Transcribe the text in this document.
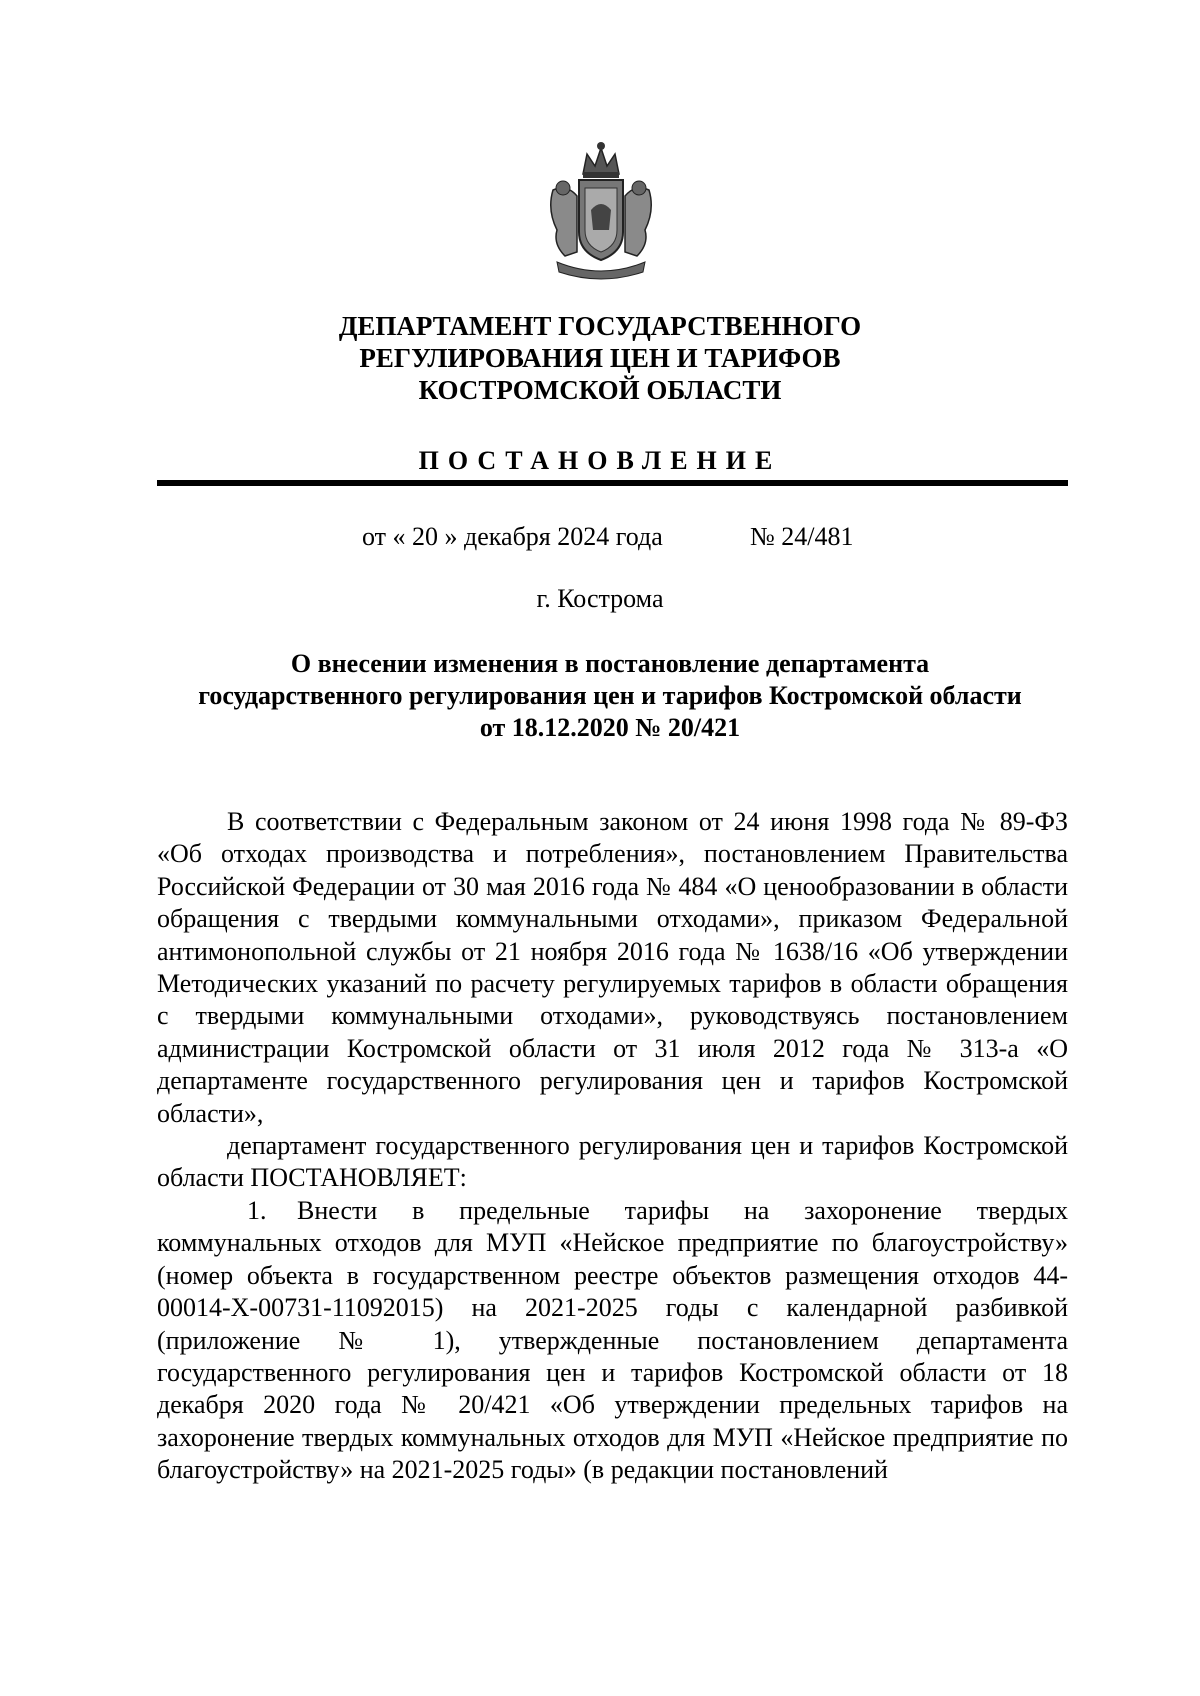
ДЕПАРТАМЕНТ ГОСУДАРСТВЕННОГО
РЕГУЛИРОВАНИЯ ЦЕН И ТАРИФОВ
КОСТРОМСКОЙ ОБЛАСТИ
ПОСТАНОВЛЕНИЕ
от « 20 » декабря 2024 года	№ 24/481
г. Кострома
О внесении изменения в постановление департамента
государственного регулирования цен и тарифов Костромской области
от 18.12.2020 № 20/421

В соответствии с Федеральным законом от 24 июня 1998 года № 89-ФЗ «Об отходах производства и потребления», постановлением Правительства Российской Федерации от 30 мая 2016 года № 484 «О ценообразовании в области обращения с твердыми коммунальными отходами», приказом Федеральной антимонопольной службы от 21 ноября 2016 года № 1638/16 «Об утверждении Методических указаний по расчету регулируемых тарифов в области обращения с твердыми коммунальными отходами», руководствуясь постановлением администрации Костромской области от 31 июля 2012 года № 313-а «О департаменте государственного регулирования цен и тарифов Костромской области»,

департамент государственного регулирования цен и тарифов Костромской области ПОСТАНОВЛЯЕТ:

1. Внести в предельные тарифы на захоронение твердых коммунальных отходов для МУП «Нейское предприятие по благоустройству» (номер объекта в государственном реестре объектов размещения отходов 44-00014-Х-00731-11092015) на 2021-2025 годы с календарной разбивкой (приложение № 1), утвержденные постановлением департамента государственного регулирования цен и тарифов Костромской области от 18 декабря 2020 года № 20/421 «Об утверждении предельных тарифов на захоронение твердых коммунальных отходов для МУП «Нейское предприятие по благоустройству» на 2021-2025 годы» (в редакции постановлений
